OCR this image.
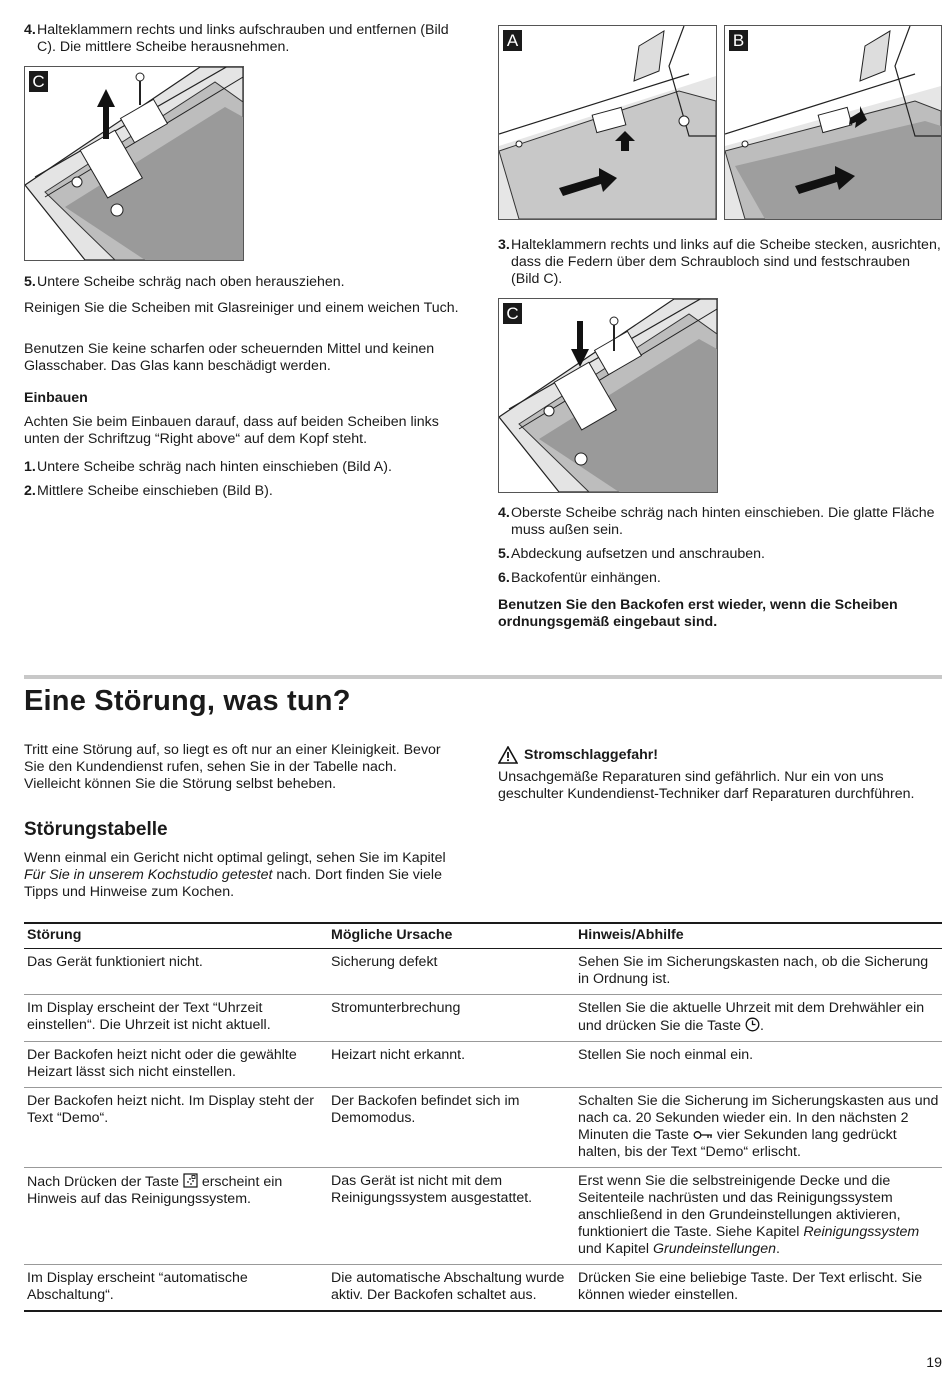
4. Halteklammern rechts und links aufschrauben und entfernen (Bild C). Die mittlere Scheibe herausnehmen.
C
5. Untere Scheibe schräg nach oben herausziehen.

Reinigen Sie die Scheiben mit Glasreiniger und einem weichen Tuch.

Benutzen Sie keine scharfen oder scheuernden Mittel und keinen Glasschaber. Das Glas kann beschädigt werden.

Einbauen

Achten Sie beim Einbauen darauf, dass auf beiden Scheiben links unten der Schriftzug “Right above“ auf dem Kopf steht.

1. Untere Scheibe schräg nach hinten einschieben (Bild A).
2. Mittlere Scheibe einschieben (Bild B).
A	B
3. Halteklammern rechts und links auf die Scheibe stecken, ausrichten, dass die Federn über dem Schraubloch sind und festschrauben (Bild C).
C
4. Oberste Scheibe schräg nach hinten einschieben. Die glatte Fläche muss außen sein.
5. Abdeckung aufsetzen und anschrauben.
6. Backofentür einhängen.

Benutzen Sie den Backofen erst wieder, wenn die Scheiben ordnungsgemäß eingebaut sind.

Eine Störung, was tun?

Tritt eine Störung auf, so liegt es oft nur an einer Kleinigkeit. Bevor Sie den Kundendienst rufen, sehen Sie in der Tabelle nach. Vielleicht können Sie die Störung selbst beheben.

Störungstabelle

Wenn einmal ein Gericht nicht optimal gelingt, sehen Sie im Kapitel Für Sie in unserem Kochstudio getestet nach. Dort finden Sie viele Tipps und Hinweise zum Kochen.

Stromschlaggefahr!

Unsachgemäße Reparaturen sind gefährlich. Nur ein von uns geschulter Kundendienst-Techniker darf Reparaturen durchführen.

Störung	Mögliche Ursache	Hinweis/Abhilfe
Das Gerät funktioniert nicht.	Sicherung defekt	Sehen Sie im Sicherungskasten nach, ob die Sicherung in Ordnung ist.
Im Display erscheint der Text “Uhrzeit einstellen“. Die Uhrzeit ist nicht aktuell.	Stromunterbrechung	Stellen Sie die aktuelle Uhrzeit mit dem Drehwähler ein und drücken Sie die Taste .
Der Backofen heizt nicht oder die gewählte Heizart lässt sich nicht einstellen.	Heizart nicht erkannt.	Stellen Sie noch einmal ein.
Der Backofen heizt nicht. Im Display steht der Text “Demo“.	Der Backofen befindet sich im Demomodus.	Schalten Sie die Sicherung im Sicherungskasten aus und nach ca. 20 Sekunden wieder ein. In den nächsten 2 Minuten die Taste  vier Sekunden lang gedrückt halten, bis der Text “Demo“ erlischt.
Nach Drücken der Taste  erscheint ein Hinweis auf das Reinigungssystem.	Das Gerät ist nicht mit dem Reinigungssystem ausgestattet.	Erst wenn Sie die selbstreinigende Decke und die Seitenteile nachrüsten und das Reinigungssystem anschließend in den Grundeinstellungen aktivieren, funktioniert die Taste. Siehe Kapitel Reinigungssystem und Kapitel Grundeinstellungen.
Im Display erscheint “automatische Abschaltung“.	Die automatische Abschaltung wurde aktiv. Der Backofen schaltet aus.	Drücken Sie eine beliebige Taste. Der Text erlischt. Sie können wieder einstellen.
19
